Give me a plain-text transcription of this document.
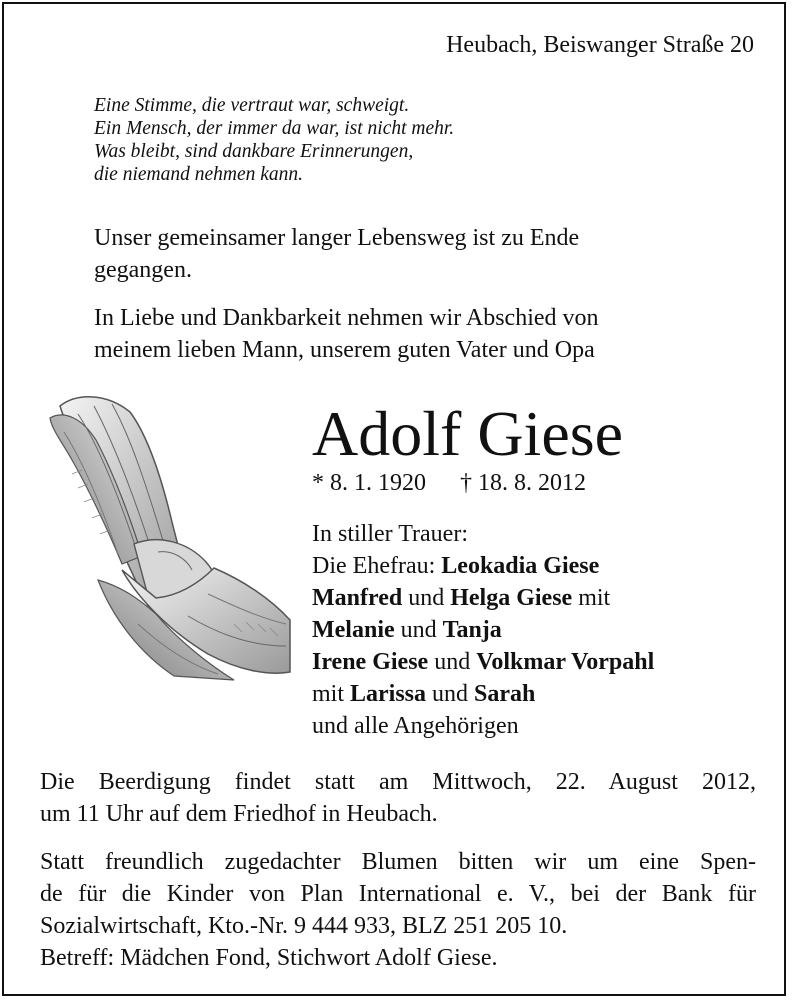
Heubach, Beiswanger Straße 20
Eine Stimme, die vertraut war, schweigt.
Ein Mensch, der immer da war, ist nicht mehr.
Was bleibt, sind dankbare Erinnerungen,
die niemand nehmen kann.
Unser gemeinsamer langer Lebensweg ist zu Ende
gegangen.
In Liebe und Dankbarkeit nehmen wir Abschied von
meinem lieben Mann, unserem guten Vater und Opa
Adolf Giese
* 8. 1. 1920 † 18. 8. 2012
In stiller Trauer:
Die Ehefrau: Leokadia Giese
Manfred und Helga Giese mit
Melanie und Tanja
Irene Giese und Volkmar Vorpahl
mit Larissa und Sarah
und alle Angehörigen
Die Beerdigung findet statt am Mittwoch, 22. August 2012,
um 11 Uhr auf dem Friedhof in Heubach.
Statt freundlich zugedachter Blumen bitten wir um eine Spen-
de für die Kinder von Plan International e. V., bei der Bank für
Sozialwirtschaft, Kto.-Nr. 9 444 933, BLZ 251 205 10.
Betreff: Mädchen Fond, Stichwort Adolf Giese.
